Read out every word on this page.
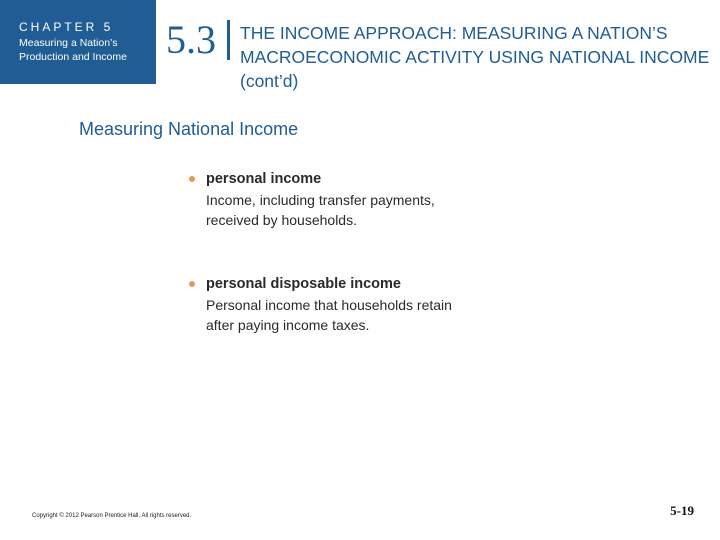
CHAPTER 5
Measuring a Nation’s
Production and Income 5.3 THE INCOME APPROACH: MEASURING A NATION’S MACROECONOMIC ACTIVITY USING NATIONAL INCOME (cont’d)
Measuring National Income
personal income
Income, including transfer payments, received by households.
personal disposable income
Personal income that households retain after paying income taxes.
Copyright © 2012 Pearson Prentice Hall. All rights reserved.	5-19
